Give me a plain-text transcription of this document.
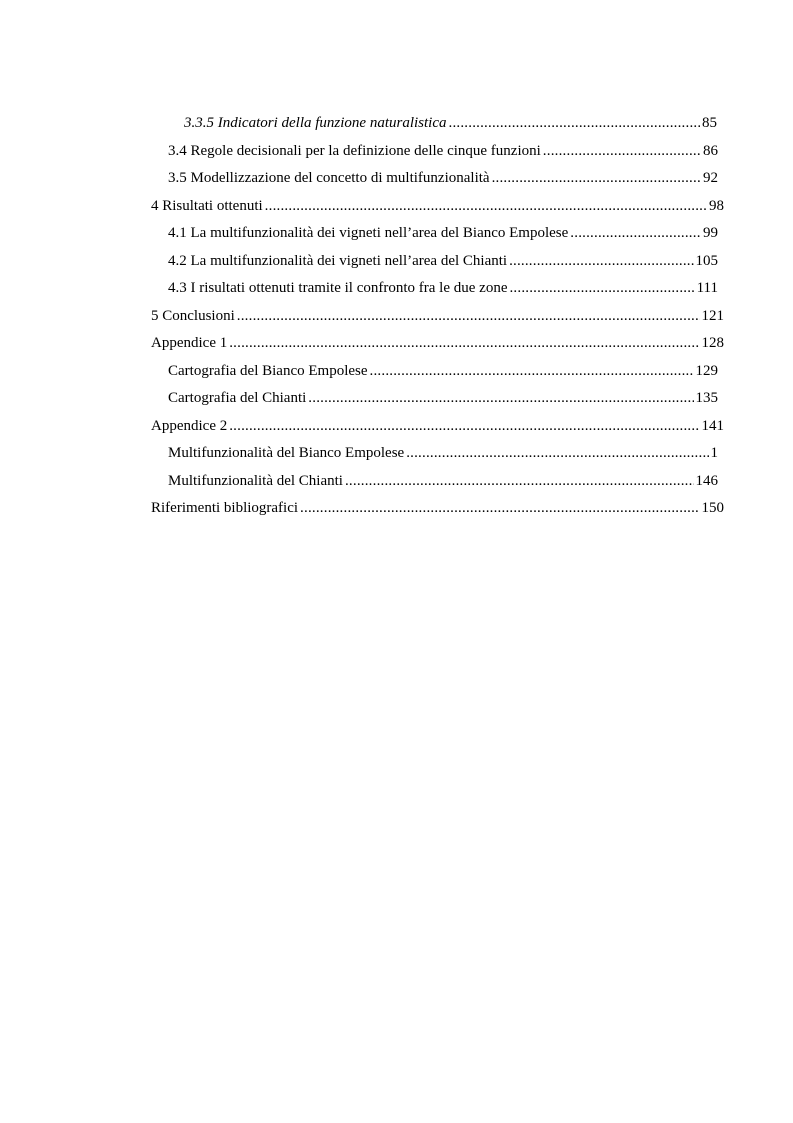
3.3.5 Indicatori della funzione naturalistica .....	85
3.4 Regole decisionali per la definizione delle cinque funzioni .....	86
3.5 Modellizzazione del concetto di multifunzionalità .....	92
4 Risultati ottenuti .....	98
4.1 La multifunzionalità dei vigneti nell’area del Bianco Empolese .....	99
4.2 La multifunzionalità dei vigneti nell’area del Chianti .....	105
4.3 I risultati ottenuti tramite il confronto fra le due zone .....	111
5 Conclusioni .....	121
Appendice 1 .....	128
Cartografia del Bianco Empolese .....	129
Cartografia del Chianti .....	135
Appendice 2 .....	141
Multifunzionalità del Bianco Empolese .....	1
Multifunzionalità del Chianti .....	146
Riferimenti bibliografici .....	150
